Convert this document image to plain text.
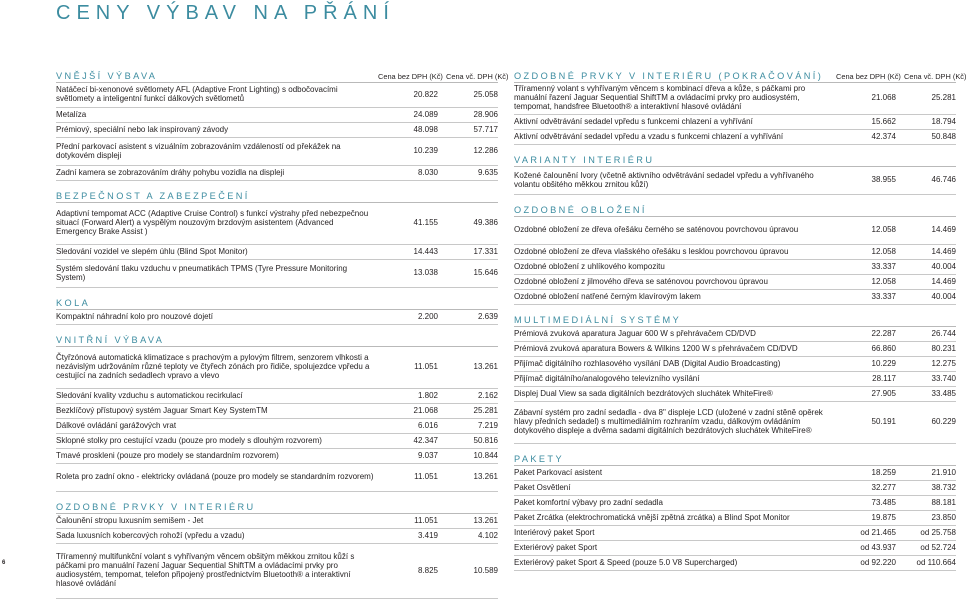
CENY VÝBAV NA PŘÁNÍ
VNĚJŠÍ VÝBAVA	Cena bez DPH (Kč) Cena vč. DPH (Kč)
Natáčecí bi-xenonové světlomety AFL (Adaptive Front Lighting) s odbočovacími světlomety a inteligentní funkcí dálkových světlometů	20.822	25.058
Metalíza	24.089	28.906
Prémiový, speciální nebo lak inspirovaný závody	48.098	57.717
Přední parkovací asistent s vizuálním zobrazováním vzdáleností od překážek na dotykovém displeji	10.239	12.286
Zadní kamera se zobrazováním dráhy pohybu vozidla na displeji	8.030	9.635
BEZPEČNOST A ZABEZPEČENÍ
Adaptivní tempomat ACC (Adaptive Cruise Control) s funkcí výstrahy před nebezpečnou situací (Forward Alert) a vyspělým nouzovým brzdovým asistentem (Advanced Emergency Brake Assist )
41.155	49.386
Sledování vozidel ve slepém úhlu (Blind Spot Monitor)	14.443	17.331
Systém sledování tlaku vzduchu v pneumatikách TPMS (Tyre Pressure Monitoring System)	13.038	15.646
KOLA
Kompaktní náhradní kolo pro nouzové dojetí	2.200	2.639
VNITŘNÍ VÝBAVA
Čtyřzónová automatická klimatizace s prachovým a pylovým filtrem, senzorem vlhkosti a nezávislým udržováním různé teploty ve čtyřech zónách pro řidiče, spolujezdce vpředu a cestující na zadních sedadlech vpravo a vlevo
11.051	13.261
Sledování kvality vzduchu s automatickou recirkulací	1.802	2.162
Bezklíčový přístupový systém Jaguar Smart Key SystemTM	21.068	25.281
Dálkové ovládání garážových vrat	6.016	7.219
Sklopné stolky pro cestující vzadu (pouze pro modely s dlouhým rozvorem)	42.347	50.816
Tmavé proskleni (pouze pro modely se standardním rozvorem)	9.037	10.844
Roleta pro zadní okno - elektricky ovládaná (pouze pro modely se standardním rozvorem)	11.051	13.261
OZDOBNÉ PRVKY V INTERIÉRU
Čalounění stropu luxusním semišem - Jet	11.051	13.261
Sada luxusních kobercových rohoží (vpředu a vzadu)	3.419	4.102
Tříramenný multifunkční volant s vyhřívaným věncem obšitým měkkou zrnitou kůží s páčkami pro manuální řazení Jaguar Sequential ShiftTM a ovládacími prvky pro audiosystém, tempomat, telefon připojený prostřednictvím Bluetooth® a interaktivní hlasové ovládání
8.825	10.589
OZDOBNÉ PRVKY V INTERIÉRU (POKRAČOVÁNÍ)	Cena bez DPH (Kč) Cena vč. DPH (Kč)
Tříramenný volant s vyhřívaným věncem s kombinací dřeva a kůže, s páčkami pro manuální řazení Jaguar Sequential ShiftTM a ovládacími prvky pro audiosystém, tempomat, handsfree Bluetooth® a interaktivní hlasové ovládání
21.068	25.281
Aktivní odvětrávání sedadel vpředu s funkcemi chlazení a vyhřívání	15.662	18.794
Aktivní odvětrávání sedadel vpředu a vzadu s funkcemi chlazení a vyhřívání	42.374	50.848
VARIANTY INTERIÉRU
Kožené čalounění Ivory (včetně aktivního odvětrávání sedadel vpředu a vyhřívaného volantu obšitého měkkou zrnitou kůží)	38.955	46.746
OZDOBNÉ OBLOŽENÍ
Ozdobné obložení ze dřeva ořešáku černého se saténovou povrchovou úpravou	12.058	14.469
Ozdobné obložení ze dřeva vlašského ořešáku s lesklou povrchovou úpravou	12.058	14.469
Ozdobné obložení z uhlíkového kompozitu	33.337	40.004
Ozdobné obložení z jilmového dřeva se saténovou povrchovou úpravou	12.058	14.469
Ozdobné obložení natřené černým klavírovým lakem	33.337	40.004
MULTIMEDIÁLNÍ SYSTÉMY
Prémiová zvuková aparatura Jaguar 600 W s přehrávačem CD/DVD	22.287	26.744
Prémiová zvuková aparatura Bowers & Wilkins 1200 W s přehrávačem CD/DVD	66.860	80.231
Přijímač digitálního rozhlasového vysílání DAB (Digital Audio Broadcasting)	10.229	12.275
Přijímač digitálního/analogového televizního vysílání	28.117	33.740
Displej Dual View sa sada digitálních bezdrátových sluchátek WhiteFire®	27.905	33.485
Zábavní systém pro zadní sedadla - dva 8" displeje LCD (uložené v zadní stěně opěrek hlavy předních sedadel) s multimediálním rozhraním vzadu, dálkovým ovládáním dotykového displeje a dvěma sadami digitálních bezdrátových sluchátek WhiteFire®
50.191	60.229
PAKETY
Paket Parkovací asistent	18.259	21.910
Paket Osvětlení	32.277	38.732
Paket komfortní výbavy pro zadní sedadla	73.485	88.181
Paket Zrcátka (elektrochromatická vnější zpětná zrcátka) a Blind Spot Monitor	19.875	23.850
Interiérový paket Sport	od 21.465	od 25.758
Exteriérový paket Sport	od 43.937	od 52.724
Exteriérový paket Sport & Speed (pouze 5.0 V8 Supercharged)	od 92.220	od 110.664
6
